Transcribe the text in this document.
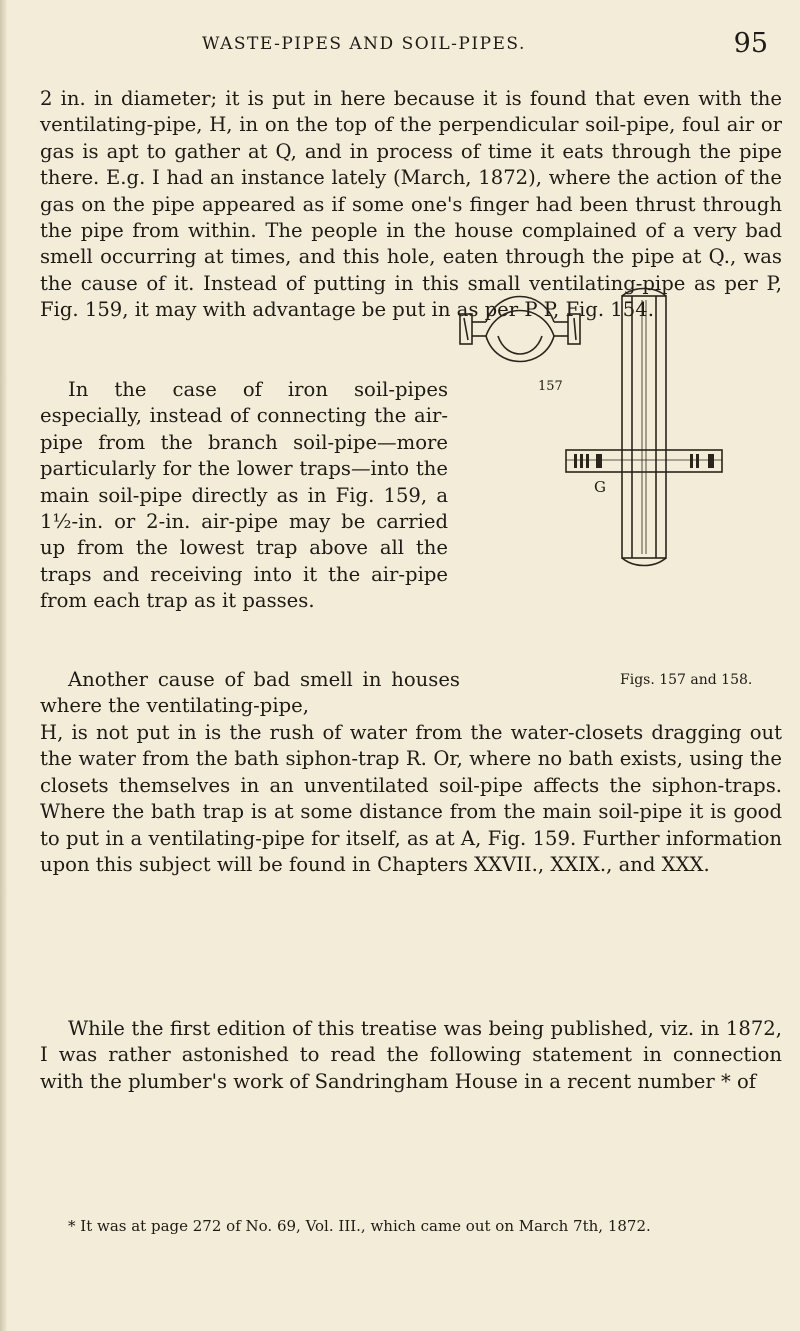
WASTE-PIPES AND SOIL-PIPES.	95

2 in. in diameter; it is put in here because it is found that even with the ventilating-pipe, H, in on the top of the perpendicular soil-pipe, foul air or gas is apt to gather at Q, and in process of time it eats through the pipe there. E.g. I had an instance lately (March, 1872), where the action of the gas on the pipe appeared as if some one's finger had been thrust through the pipe from within. The people in the house complained of a very bad smell occurring at times, and this hole, eaten through the pipe at Q., was the cause of it. Instead of putting in this small ventilating-pipe as per P, Fig. 159, it may with advantage be put in as per P P, Fig. 154.

In the case of iron soil-pipes especially, instead of connecting the air-pipe from the branch soil-pipe—more particularly for the lower traps—into the main soil-pipe directly as in Fig. 159, a 1½-in. or 2-in. air-pipe may be carried up from the lowest trap above all the traps and receiving into it the air-pipe from each trap as it passes.

Another cause of bad smell in houses where the ventilating-pipe,

H, is not put in is the rush of water from the water-closets dragging out the water from the bath siphon-trap R. Or, where no bath exists, using the closets themselves in an unventilated soil-pipe affects the siphon-traps. Where the bath trap is at some distance from the main soil-pipe it is good to put in a ventilating-pipe for itself, as at A, Fig. 159. Further information upon this subject will be found in Chapters XXVII., XXIX., and XXX.

While the first edition of this treatise was being published, viz. in 1872, I was rather astonished to read the following statement in connection with the plumber's work of Sandringham House in a recent number * of

157
G
Figs. 157 and 158.

* It was at page 272 of No. 69, Vol. III., which came out on March 7th, 1872.
